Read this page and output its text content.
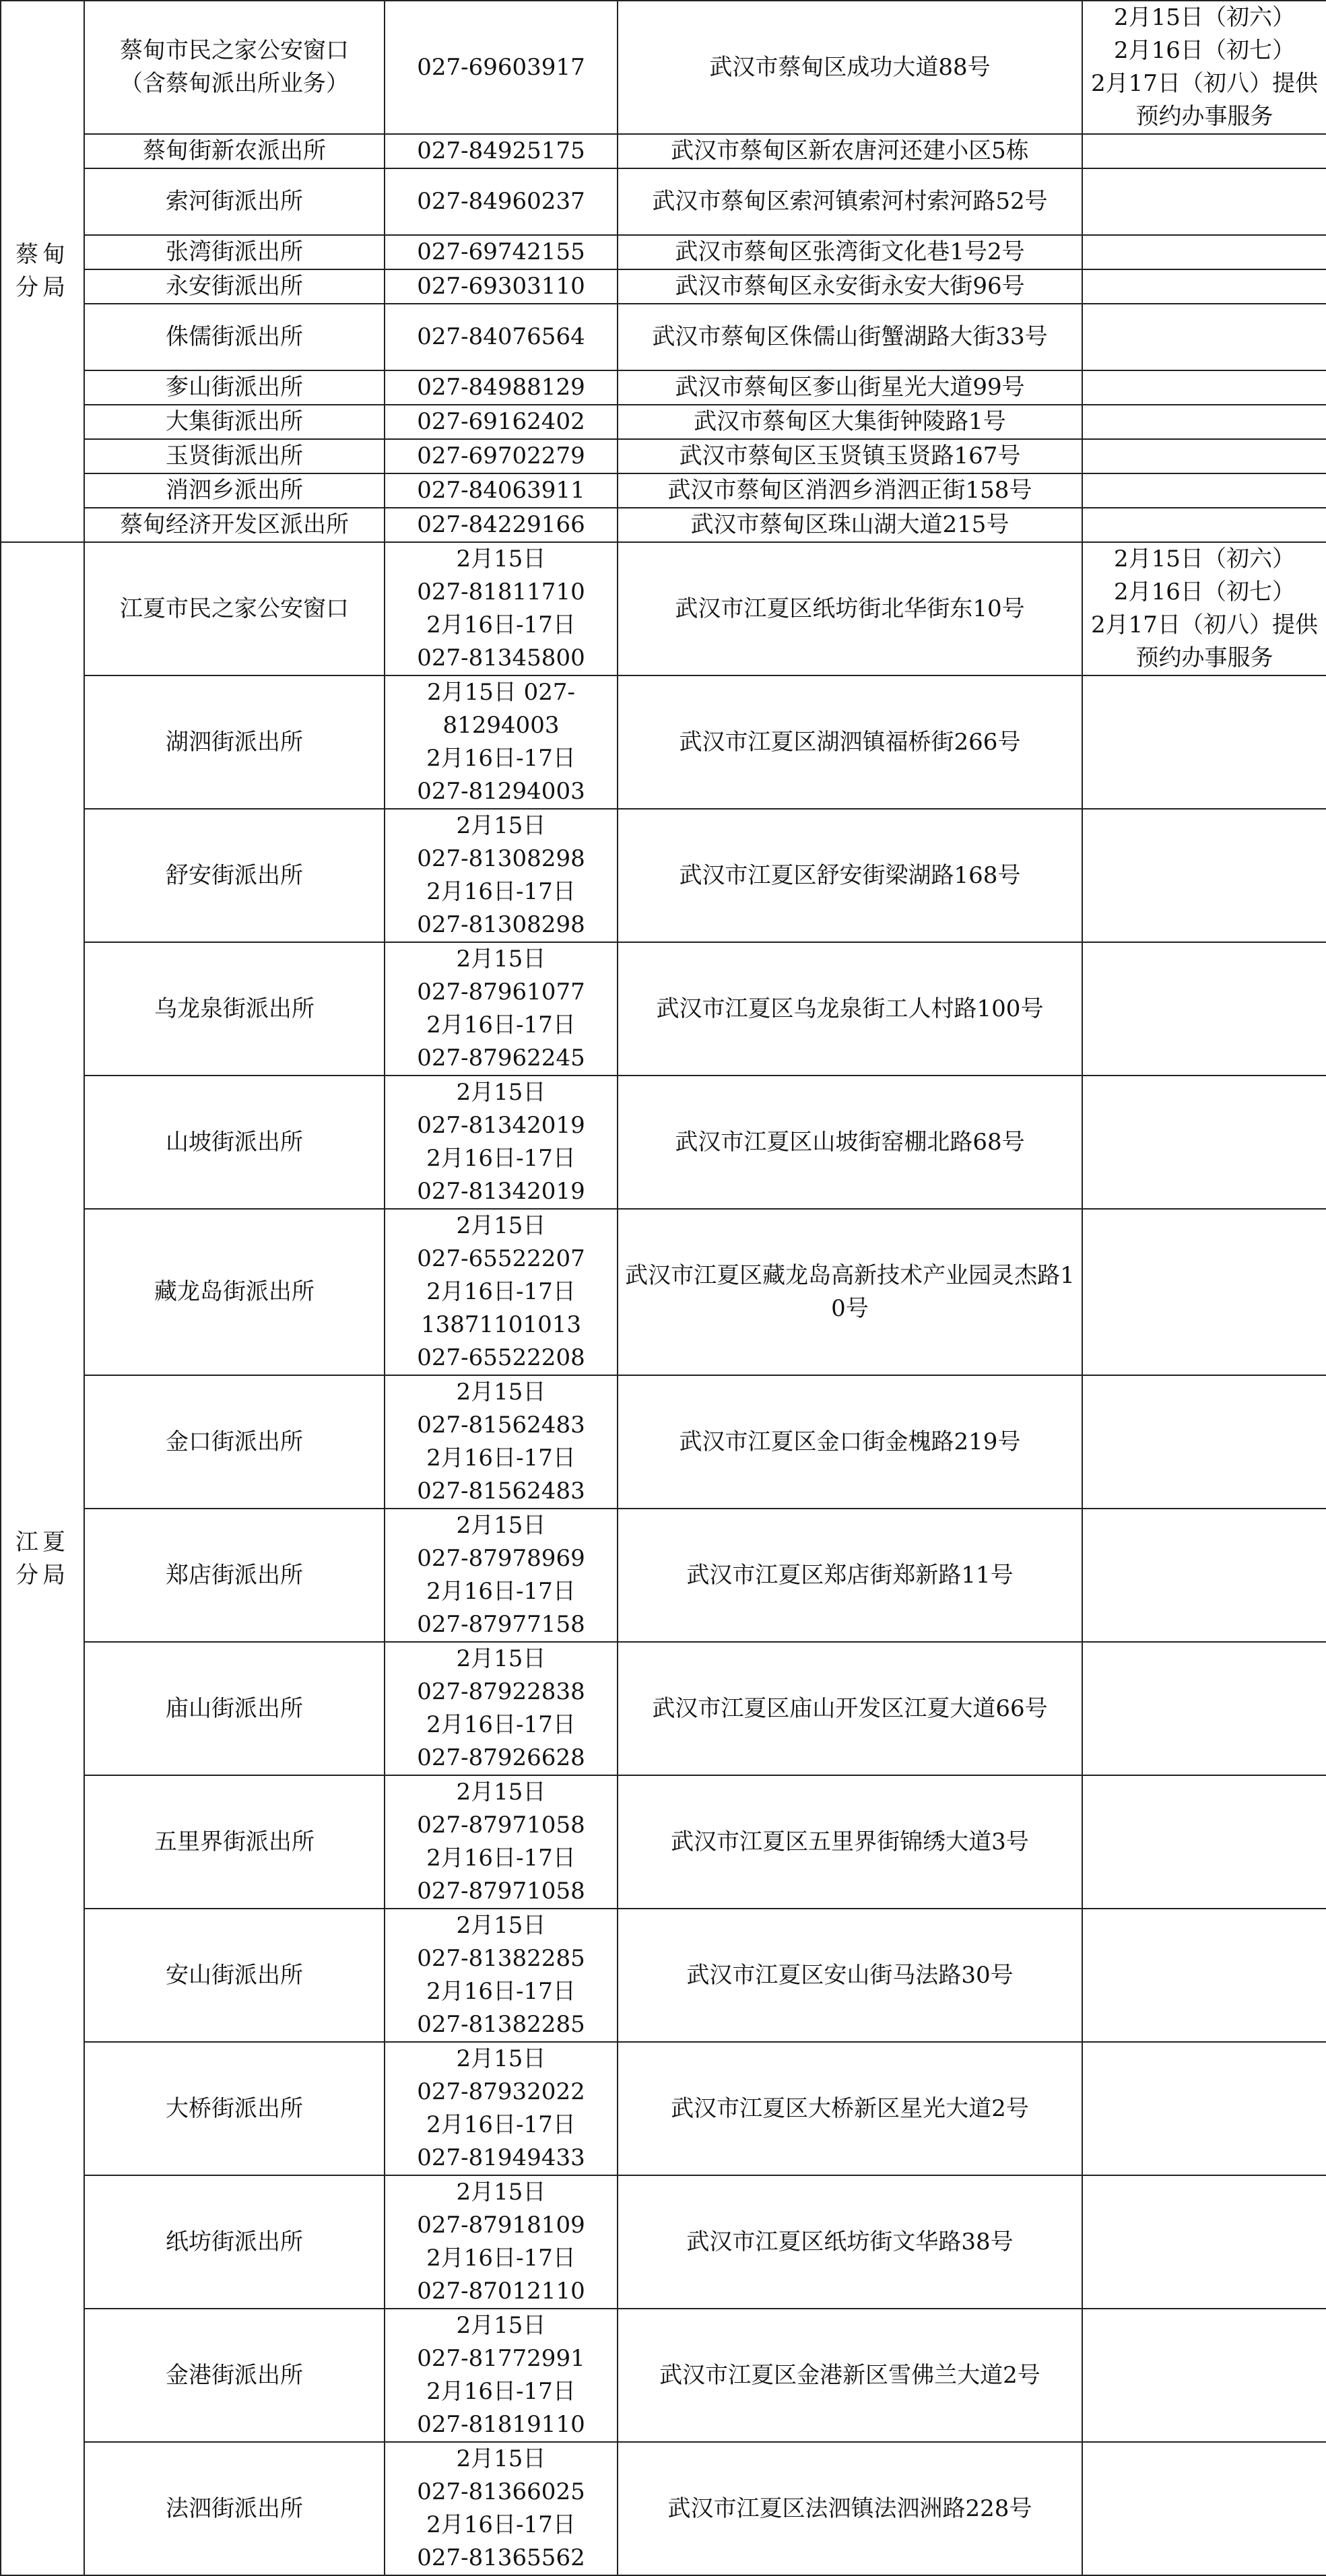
蔡甸
分局	蔡甸市民之家公安窗口
（含蔡甸派出所业务）	027-69603917	武汉市蔡甸区成功大道88号	2月15日（初六）
2月16日（初七）
2月17日（初八）提供预约办事服务
	蔡甸街新农派出所	027-84925175	武汉市蔡甸区新农唐河还建小区5栋	
	索河街派出所	027-84960237	武汉市蔡甸区索河镇索河村索河路52号	
	张湾街派出所	027-69742155	武汉市蔡甸区张湾街文化巷1号2号	
	永安街派出所	027-69303110	武汉市蔡甸区永安街永安大街96号	
	侏儒街派出所	027-84076564	武汉市蔡甸区侏儒山街蟹湖路大街33号	
	奓山街派出所	027-84988129	武汉市蔡甸区奓山街星光大道99号	
	大集街派出所	027-69162402	武汉市蔡甸区大集街钟陵路1号	
	玉贤街派出所	027-69702279	武汉市蔡甸区玉贤镇玉贤路167号	
	消泗乡派出所	027-84063911	武汉市蔡甸区消泗乡消泗正街158号	
	蔡甸经济开发区派出所	027-84229166	武汉市蔡甸区珠山湖大道215号	
江夏
分局	江夏市民之家公安窗口	2月15日
027-81811710
2月16日-17日
027-81345800	武汉市江夏区纸坊街北华街东10号	2月15日（初六）
2月16日（初七）
2月17日（初八）提供预约办事服务
	湖泗街派出所	2月15日 027-
81294003
2月16日-17日
027-81294003	武汉市江夏区湖泗镇福桥街266号	
	舒安街派出所	2月15日
027-81308298
2月16日-17日
027-81308298	武汉市江夏区舒安街梁湖路168号	
	乌龙泉街派出所	2月15日
027-87961077
2月16日-17日
027-87962245	武汉市江夏区乌龙泉街工人村路100号	
	山坡街派出所	2月15日
027-81342019
2月16日-17日
027-81342019	武汉市江夏区山坡街窑棚北路68号	
	藏龙岛街派出所	2月15日
027-65522207
2月16日-17日
13871101013
027-65522208	武汉市江夏区藏龙岛高新技术产业园灵杰路10号	
	金口街派出所	2月15日
027-81562483
2月16日-17日
027-81562483	武汉市江夏区金口街金槐路219号	
	郑店街派出所	2月15日
027-87978969
2月16日-17日
027-87977158	武汉市江夏区郑店街郑新路11号	
	庙山街派出所	2月15日
027-87922838
2月16日-17日
027-87926628	武汉市江夏区庙山开发区江夏大道66号	
	五里界街派出所	2月15日
027-87971058
2月16日-17日
027-87971058	武汉市江夏区五里界街锦绣大道3号	
	安山街派出所	2月15日
027-81382285
2月16日-17日
027-81382285	武汉市江夏区安山街马法路30号	
	大桥街派出所	2月15日
027-87932022
2月16日-17日
027-81949433	武汉市江夏区大桥新区星光大道2号	
	纸坊街派出所	2月15日
027-87918109
2月16日-17日
027-87012110	武汉市江夏区纸坊街文华路38号	
	金港街派出所	2月15日
027-81772991
2月16日-17日
027-81819110	武汉市江夏区金港新区雪佛兰大道2号	
	法泗街派出所	2月15日
027-81366025
2月16日-17日
027-81365562	武汉市江夏区法泗镇法泗洲路228号	
